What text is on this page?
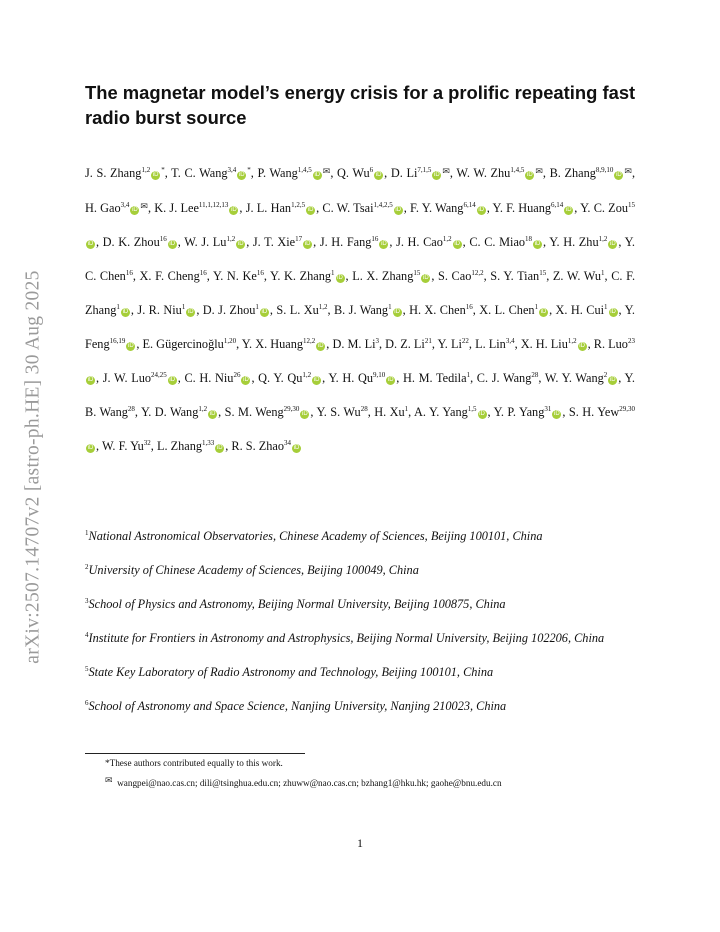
arXiv:2507.14707v2 [astro-ph.HE] 30 Aug 2025
The magnetar model’s energy crisis for a prolific repeating fast radio burst source

J. S. Zhang$^{1,2}$iD*, T. C. Wang$^{3,4}$iD*, P. Wang$^{1,4,5}$iD ✉, Q. Wu$^6$iD , D. Li$^{7,1,5}$iD ✉, W. W. Zhu$^{1,4,5}$iD ✉, B. Zhang$^{8,9,10}$iD ✉, H. Gao$^{3,4}$iD ✉, K. J. Lee$^{11,1,12,13}$iD , J. L. Han$^{1,2,5}$iD , C. W. Tsai$^{1,4,2,5}$iD , F. Y. Wang$^{6,14}$iD , Y. F. Huang$^{6,14}$iD , Y. C. Zou$^{15}$iD , D. K. Zhou$^{16}$iD , W. J. Lu$^{1,2}$iD , J. T. Xie$^{17}$iD , J. H. Fang$^{16}$iD , J. H. Cao$^{1,2}$iD , C. C. Miao$^{18}$iD , Y. H. Zhu$^{1,2}$iD , Y. C. Chen$^{16}$, X. F. Cheng$^{16}$, Y. N. Ke$^{16}$, Y. K. Zhang$^1$iD , L. X. Zhang$^{15}$iD , S. Cao$^{12,2}$, S. Y. Tian$^{15}$, Z. W. Wu$^1$, C. F. Zhang$^1$iD , J. R. Niu$^1$iD , D. J. Zhou$^1$iD , S. L. Xu$^{1,2}$, B. J. Wang$^1$iD , H. X. Chen$^{16}$, X. L. Chen$^1$iD , X. H. Cui$^1$iD , Y. Feng$^{16,19}$iD , E. Gügercinoğlu$^{1,20}$, Y. X. Huang$^{12,2}$iD , D. M. Li$^3$, D. Z. Li$^{21}$, Y. Li$^{22}$, L. Lin$^{3,4}$, X. H. Liu$^{1,2}$iD , R. Luo$^{23}$iD , J. W. Luo$^{24,25}$iD , C. H. Niu$^{26}$iD , Q. Y. Qu$^{1,2}$iD , Y. H. Qu$^{9,10}$iD , H. M. Tedila$^1$, C. J. Wang$^{28}$, W. Y. Wang$^2$iD , Y. B. Wang$^{28}$, Y. D. Wang$^{1,2}$iD , S. M. Weng$^{29,30}$iD , Y. S. Wu$^{28}$, H. Xu$^1$, A. Y. Yang$^{1,5}$iD , Y. P. Yang$^{31}$iD , S. H. Yew$^{29,30}$iD , W. F. Yu$^{32}$, L. Zhang$^{1,33}$iD , R. S. Zhao$^{34}$iD

$^1$National Astronomical Observatories, Chinese Academy of Sciences, Beijing 100101, China

$^2$University of Chinese Academy of Sciences, Beijing 100049, China

$^3$School of Physics and Astronomy, Beijing Normal University, Beijing 100875, China

$^4$Institute for Frontiers in Astronomy and Astrophysics, Beijing Normal University, Beijing 102206, China

$^5$State Key Laboratory of Radio Astronomy and Technology, Beijing 100101, China

$^6$School of Astronomy and Space Science, Nanjing University, Nanjing 210023, China

*These authors contributed equally to this work.

✉ wangpei@nao.cas.cn; dili@tsinghua.edu.cn; zhuww@nao.cas.cn; bzhang1@hku.hk; gaohe@bnu.edu.cn

1
